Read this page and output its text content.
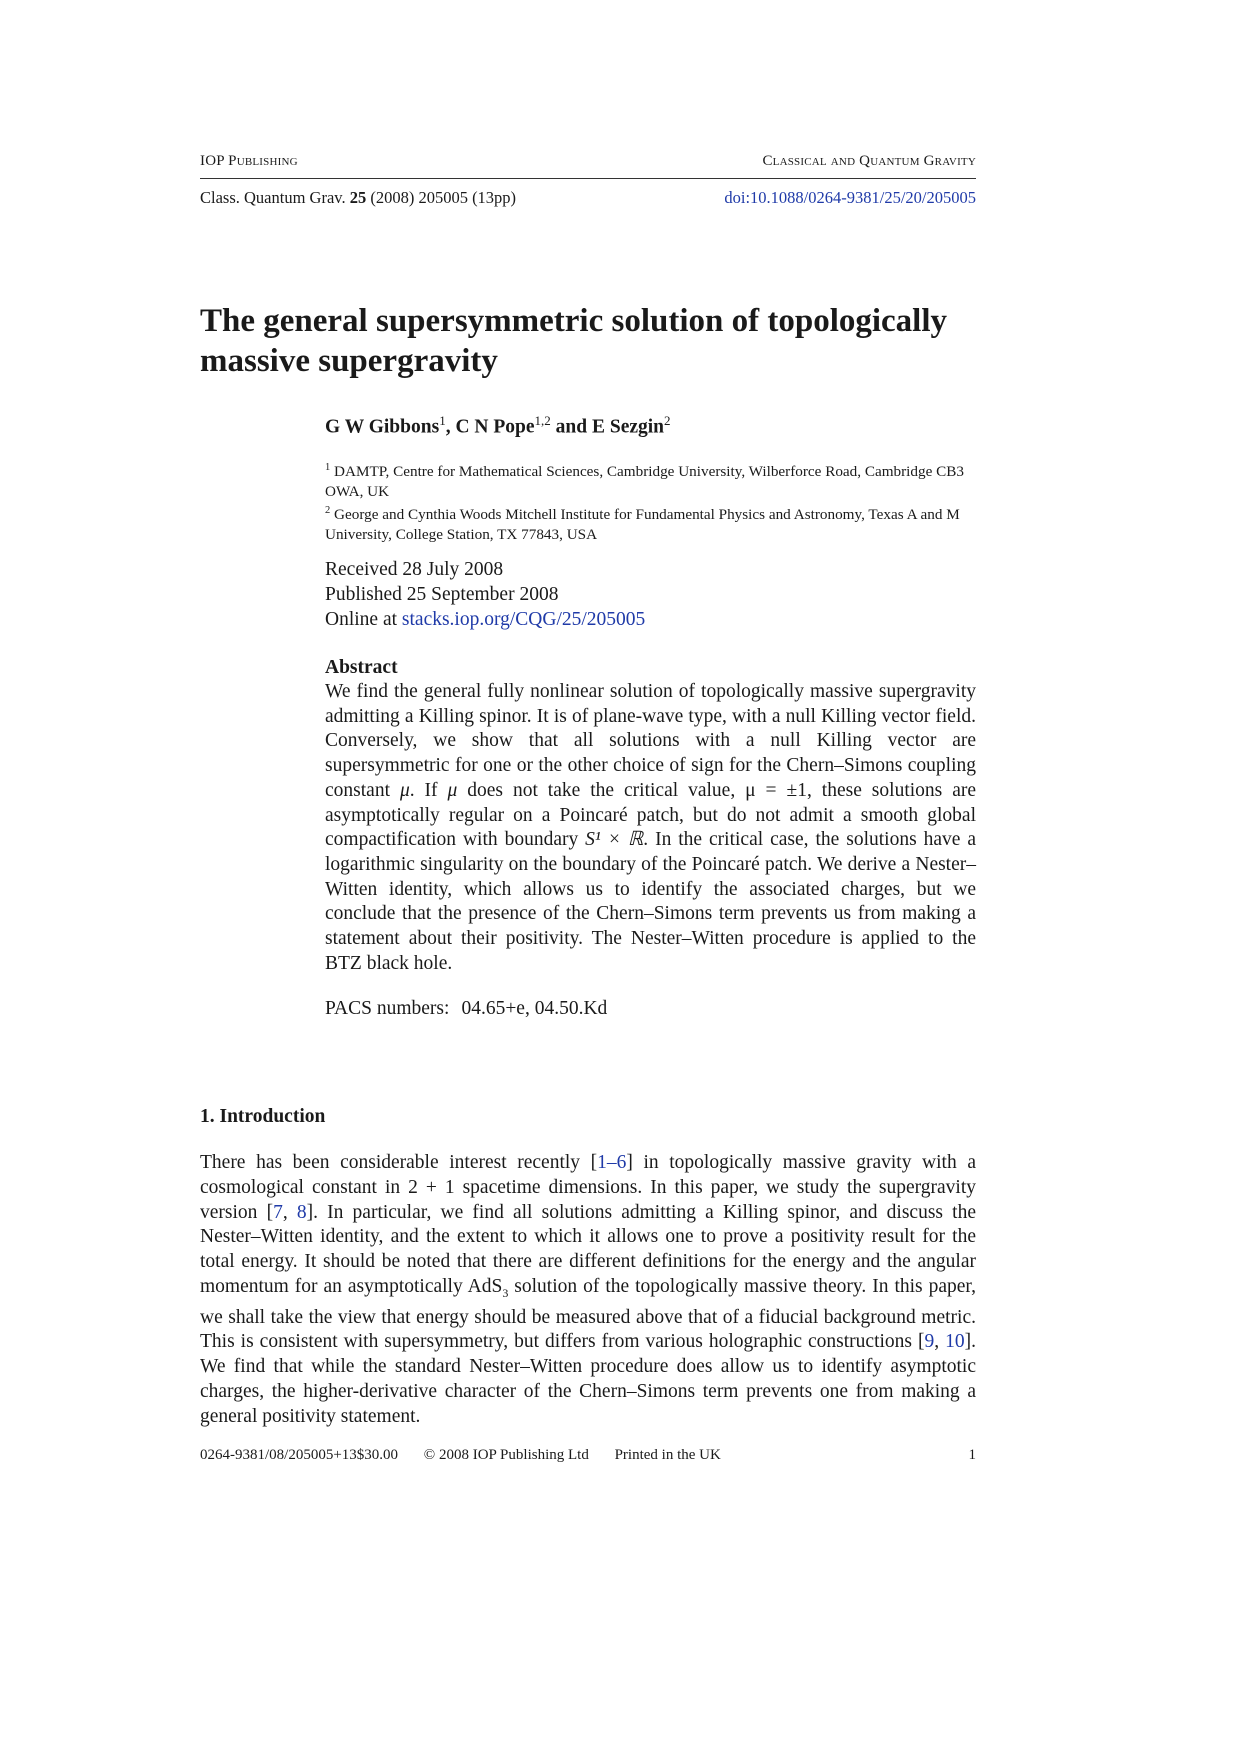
IOP Publishing	Classical and Quantum Gravity
Class. Quantum Grav. 25 (2008) 205005 (13pp)	doi:10.1088/0264-9381/25/20/205005
The general supersymmetric solution of topologically massive supergravity
G W Gibbons$^1$, C N Pope$^{1,2}$ and E Sezgin$^2$
$^1$ DAMTP, Centre for Mathematical Sciences, Cambridge University, Wilberforce Road, Cambridge CB3 OWA, UK
$^2$ George and Cynthia Woods Mitchell Institute for Fundamental Physics and Astronomy, Texas A and M University, College Station, TX 77843, USA
Received 28 July 2008
Published 25 September 2008
Online at stacks.iop.org/CQG/25/205005
Abstract

We find the general fully nonlinear solution of topologically massive supergravity admitting a Killing spinor. It is of plane-wave type, with a null Killing vector field. Conversely, we show that all solutions with a null Killing vector are supersymmetric for one or the other choice of sign for the Chern–Simons coupling constant μ. If μ does not take the critical value, μ = ±1, these solutions are asymptotically regular on a Poincaré patch, but do not admit a smooth global compactification with boundary S¹ × ℝ. In the critical case, the solutions have a logarithmic singularity on the boundary of the Poincaré patch. We derive a Nester–Witten identity, which allows us to identify the associated charges, but we conclude that the presence of the Chern–Simons term prevents us from making a statement about their positivity. The Nester–Witten procedure is applied to the BTZ black hole.

PACS numbers: 04.65+e, 04.50.Kd
1. Introduction

There has been considerable interest recently [1–6] in topologically massive gravity with a cosmological constant in 2 + 1 spacetime dimensions. In this paper, we study the supergravity version [7, 8]. In particular, we find all solutions admitting a Killing spinor, and discuss the Nester–Witten identity, and the extent to which it allows one to prove a positivity result for the total energy. It should be noted that there are different definitions for the energy and the angular momentum for an asymptotically AdS$_3$ solution of the topologically massive theory. In this paper, we shall take the view that energy should be measured above that of a fiducial background metric. This is consistent with supersymmetry, but differs from various holographic constructions [9, 10]. We find that while the standard Nester–Witten procedure does allow us to identify asymptotic charges, the higher-derivative character of the Chern–Simons term prevents one from making a general positivity statement.

0264-9381/08/205005+13$30.00 © 2008 IOP Publishing Ltd Printed in the UK	1
